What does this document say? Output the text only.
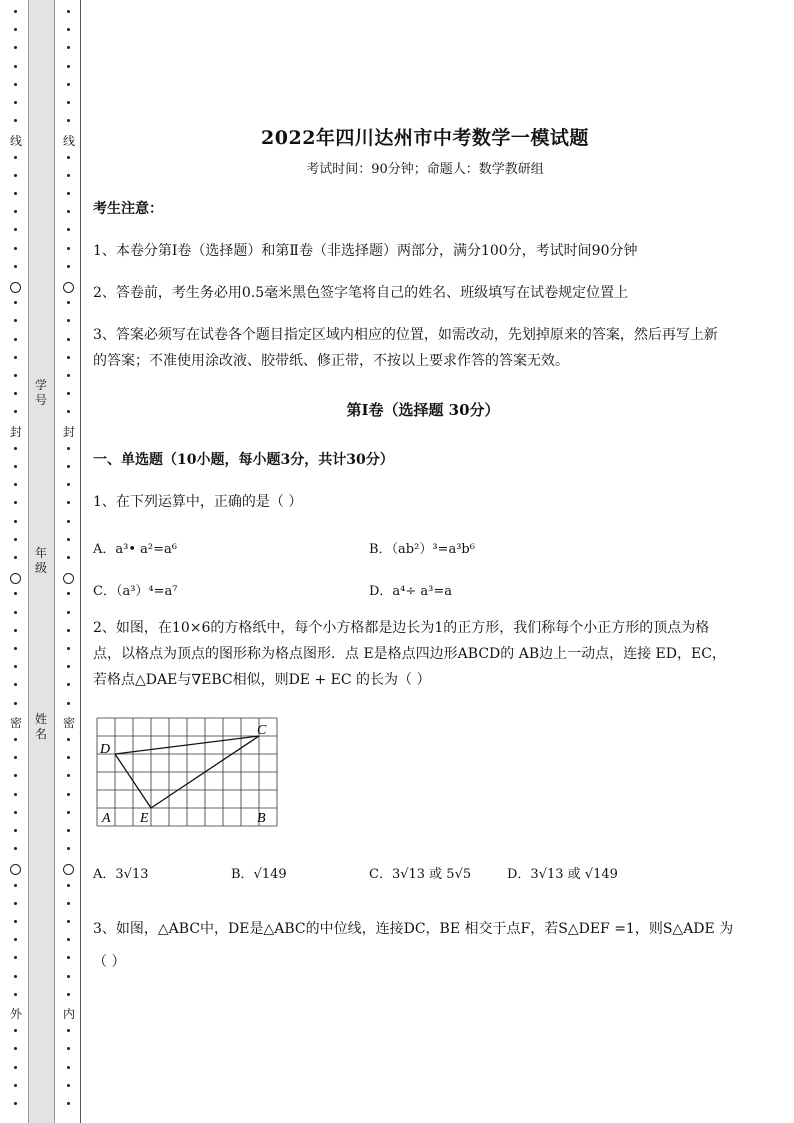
线
封
密
外
线
封
密
内
学号
年级
姓名
2022年四川达州市中考数学一模试题
考试时间：90分钟；命题人：数学教研组
考生注意：
1、本卷分第I卷（选择题）和第Ⅱ卷（非选择题）两部分，满分100分，考试时间90分钟
2、答卷前，考生务必用0.5毫米黑色签字笔将自己的姓名、班级填写在试卷规定位置上
3、答案必须写在试卷各个题目指定区域内相应的位置，如需改动，先划掉原来的答案，然后再写上新
的答案；不准使用涂改液、胶带纸、修正带，不按以上要求作答的答案无效。
第I卷（选择题 30分）
一、单选题（10小题，每小题3分，共计30分）
1、在下列运算中，正确的是（ ）
A．a³• a²=a⁶	B．（ab²）³=a³b⁶
C．（a³）⁴=a⁷	D．a⁴÷ a³=a
2、如图，在10×6的方格纸中，每个小方格都是边长为1的正方形，我们称每个小正方形的顶点为格
点，以格点为顶点的图形称为格点图形．点 E是格点四边形ABCD的 AB边上一动点，连接 ED，EC，
若格点△DAE与∇EBC相似，则DE + EC 的长为（ ）
D
A E	B
C
A．3√13	B．√149	C．3√13 或 5√5	D．3√13 或 √149
3、如图，△ABC中，DE是△ABC的中位线，连接DC，BE 相交于点F，若S△DEF =1，则S△ADE 为
（ ）
